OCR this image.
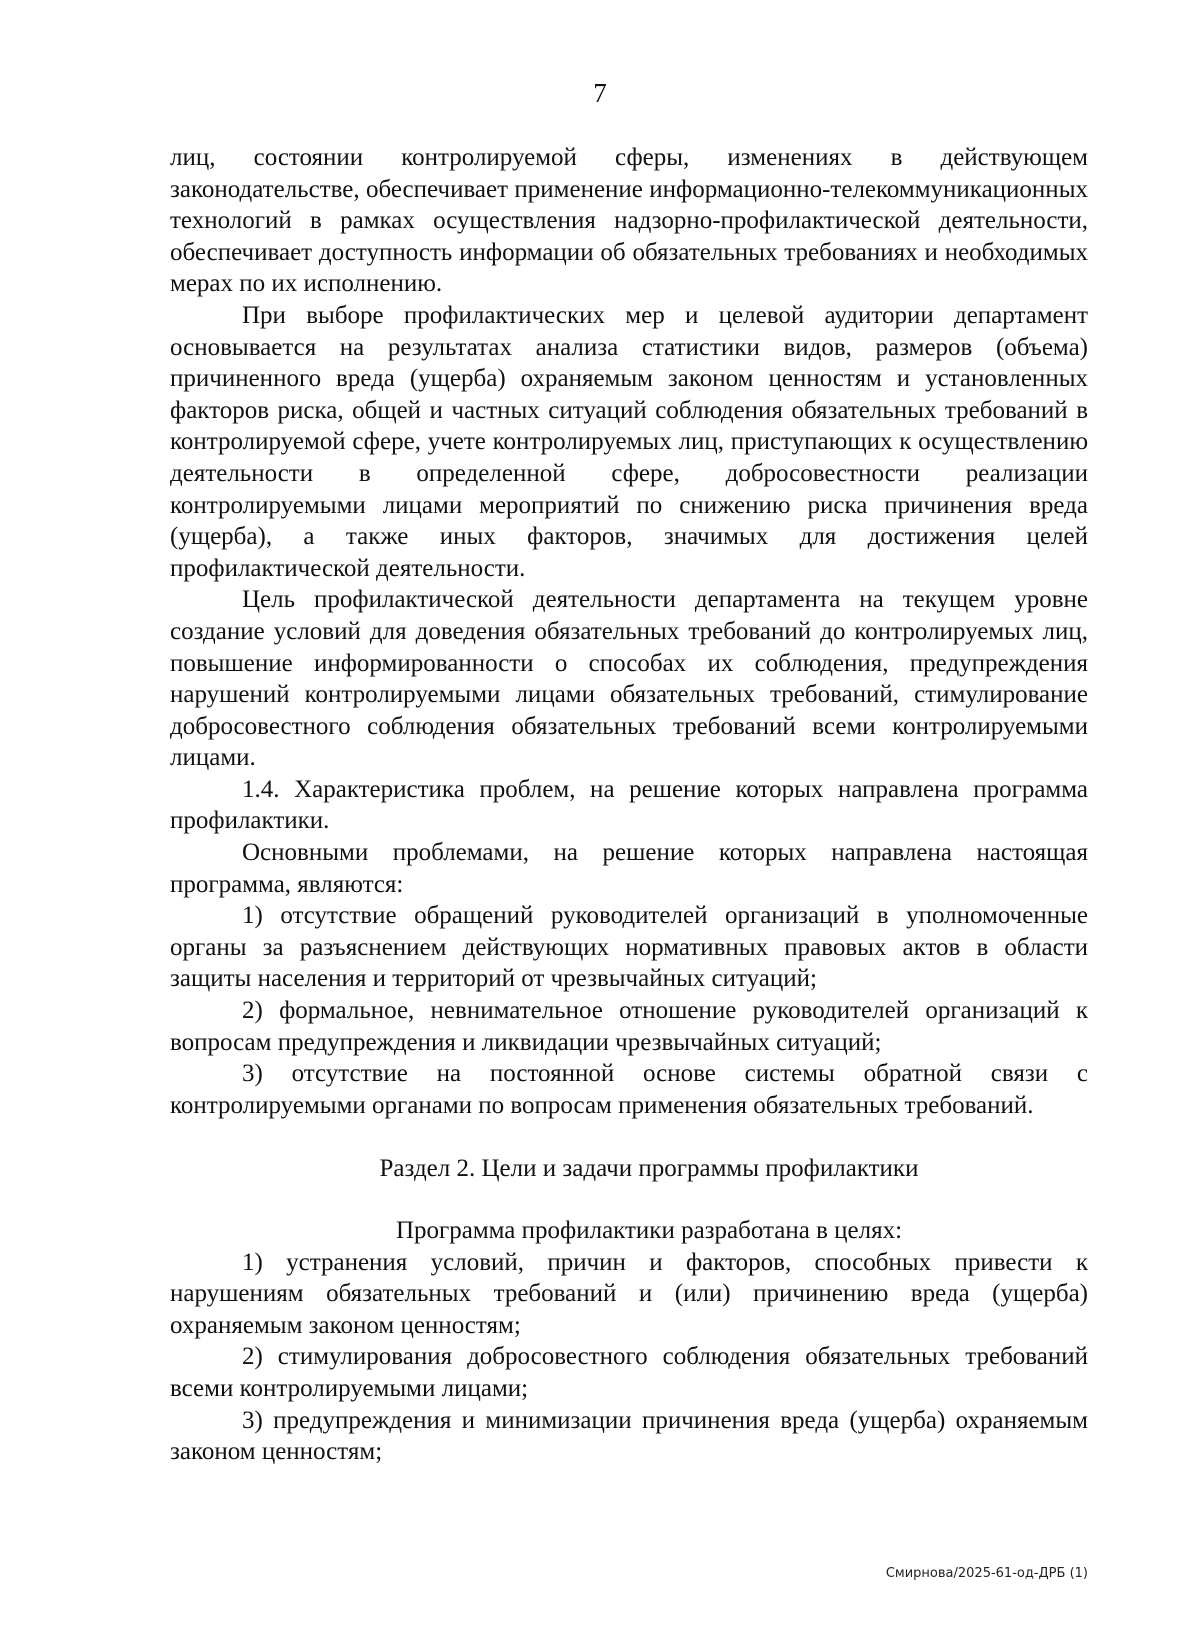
7

лиц, состоянии контролируемой сферы, изменениях в действующем законодательстве, обеспечивает применение информационно-телекоммуникационных технологий в рамках осуществления надзорно-профилактической деятельности, обеспечивает доступность информации об обязательных требованиях и необходимых мерах по их исполнению.

При выборе профилактических мер и целевой аудитории департамент основывается на результатах анализа статистики видов, размеров (объема) причиненного вреда (ущерба) охраняемым законом ценностям и установленных факторов риска, общей и частных ситуаций соблюдения обязательных требований в контролируемой сфере, учете контролируемых лиц, приступающих к осуществлению деятельности в определенной сфере, добросовестности реализации контролируемыми лицами мероприятий по снижению риска причинения вреда (ущерба), а также иных факторов, значимых для достижения целей профилактической деятельности.

Цель профилактической деятельности департамента на текущем уровне создание условий для доведения обязательных требований до контролируемых лиц, повышение информированности о способах их соблюдения, предупреждения нарушений контролируемыми лицами обязательных требований, стимулирование добросовестного соблюдения обязательных требований всеми контролируемыми лицами.

1.4. Характеристика проблем, на решение которых направлена программа профилактики.

Основными проблемами, на решение которых направлена настоящая программа, являются:

1) отсутствие обращений руководителей организаций в уполномоченные органы за разъяснением действующих нормативных правовых актов в области защиты населения и территорий от чрезвычайных ситуаций;

2) формальное, невнимательное отношение руководителей организаций к вопросам предупреждения и ликвидации чрезвычайных ситуаций;

3) отсутствие на постоянной основе системы обратной связи с контролируемыми органами по вопросам применения обязательных требований.

Раздел 2. Цели и задачи программы профилактики
Программа профилактики разработана в целях:

1) устранения условий, причин и факторов, способных привести к нарушениям обязательных требований и (или) причинению вреда (ущерба) охраняемым законом ценностям;

2) стимулирования добросовестного соблюдения обязательных требований всеми контролируемыми лицами;

3) предупреждения и минимизации причинения вреда (ущерба) охраняемым законом ценностям;

Смирнова/2025-61-од-ДРБ (1)
